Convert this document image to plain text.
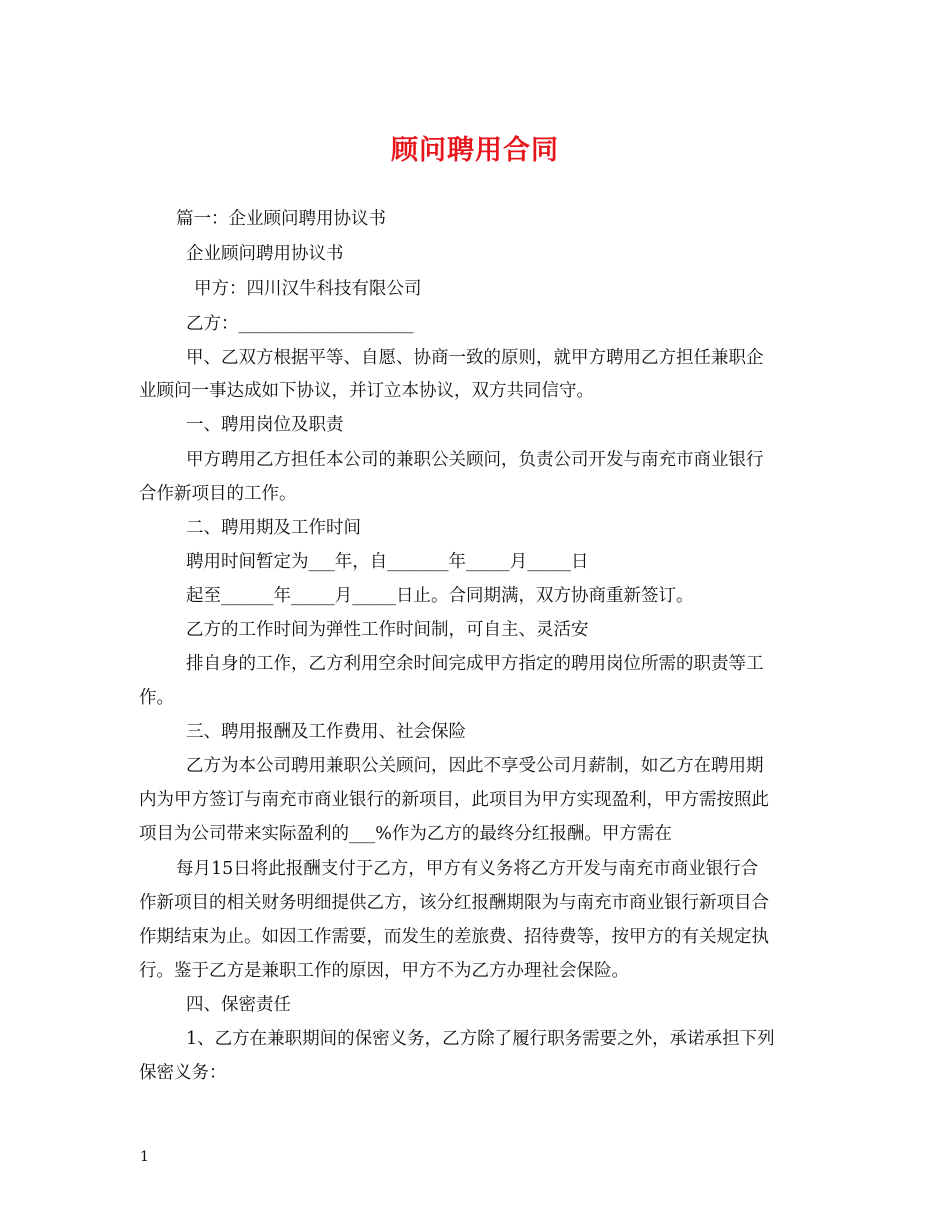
顾问聘用合同
篇一：企业顾问聘用协议书
企业顾问聘用协议书
甲方：四川汉牛科技有限公司
乙方：____________________
甲、乙双方根据平等、自愿、协商一致的原则，就甲方聘用乙方担任兼职企
业顾问一事达成如下协议，并订立本协议，双方共同信守。
一、聘用岗位及职责
甲方聘用乙方担任本公司的兼职公关顾问，负责公司开发与南充市商业银行
合作新项目的工作。
二、聘用期及工作时间
聘用时间暂定为___年，自_______年_____月_____日
起至______年_____月_____日止。合同期满，双方协商重新签订。
乙方的工作时间为弹性工作时间制，可自主、灵活安
排自身的工作，乙方利用空余时间完成甲方指定的聘用岗位所需的职责等工
作。
三、聘用报酬及工作费用、社会保险
乙方为本公司聘用兼职公关顾问，因此不享受公司月薪制，如乙方在聘用期
内为甲方签订与南充市商业银行的新项目，此项目为甲方实现盈利，甲方需按照此
项目为公司带来实际盈利的___%作为乙方的最终分红报酬。甲方需在
每月15日将此报酬支付于乙方，甲方有义务将乙方开发与南充市商业银行合
作新项目的相关财务明细提供乙方，该分红报酬期限为与南充市商业银行新项目合
作期结束为止。如因工作需要，而发生的差旅费、招待费等，按甲方的有关规定执
行。鉴于乙方是兼职工作的原因，甲方不为乙方办理社会保险。
四、保密责任
1、乙方在兼职期间的保密义务，乙方除了履行职务需要之外，承诺承担下列
保密义务：
1
